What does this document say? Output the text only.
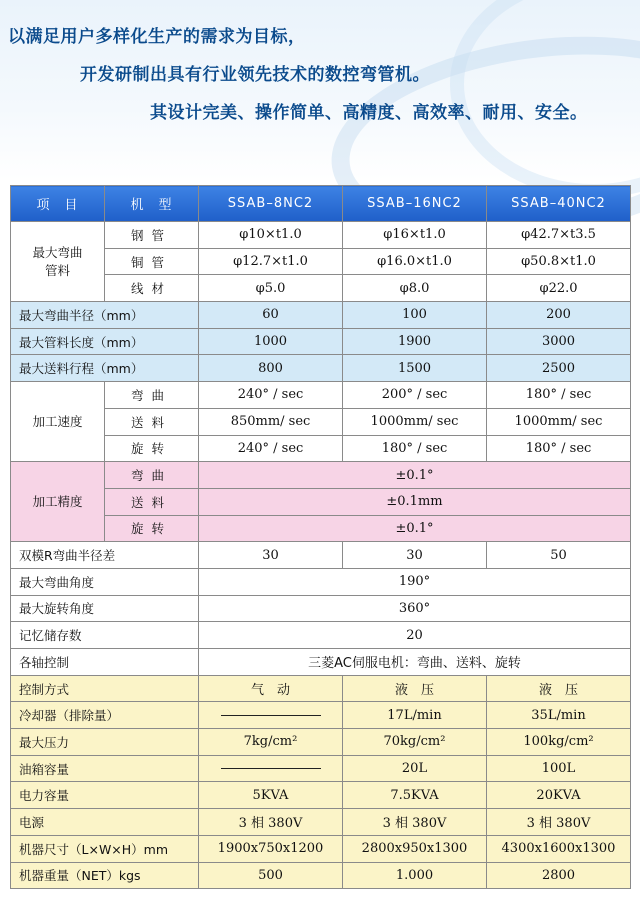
以满足用户多样化生产的需求为目标，
开发研制出具有行业领先技术的数控弯管机。
其设计完美、操作简单、高精度、高效率、耐用、安全。
项　目	机　型	SSAB–8NC2	SSAB–16NC2	SSAB–40NC2

最大弯曲管料	钢管	φ10×t1.0	φ16×t1.0	φ42.7×t3.5
	铜管	φ12.7×t1.0	φ16.0×t1.0	φ50.8×t1.0
	线材	φ5.0	φ8.0	φ22.0
最大弯曲半径（mm）		60	100	200
最大管料长度（mm）		1000	1900	3000
最大送料行程（mm）		800	1500	2500
加工速度	弯曲	240° / sec	200° / sec	180° / sec
	送料	850mm/ sec	1000mm/ sec	1000mm/ sec
	旋转	240° / sec	180° / sec	180° / sec
加工精度	弯曲	±0.1°		
	送料	±0.1mm		
	旋转	±0.1°		
双模R弯曲半径差		30	30	50
最大弯曲角度		190°		
最大旋转角度		360°		
记忆储存数		20		
各轴控制		三菱AC伺服电机：弯曲、送料、旋转		
控制方式		气　动	液　压	液　压
冷却器（排除量）			17L/min	35L/min
最大压力		7kg/cm²	70kg/cm²	100kg/cm²
油箱容量			20L	100L
电力容量		5KVA	7.5KVA	20KVA
电源		3 相 380V	3 相 380V	3 相 380V
机器尺寸（L×W×H）mm		1900x750x1200	2800x950x1300	4300x1600x1300
机器重量（NET）kgs		500	1.000	2800
